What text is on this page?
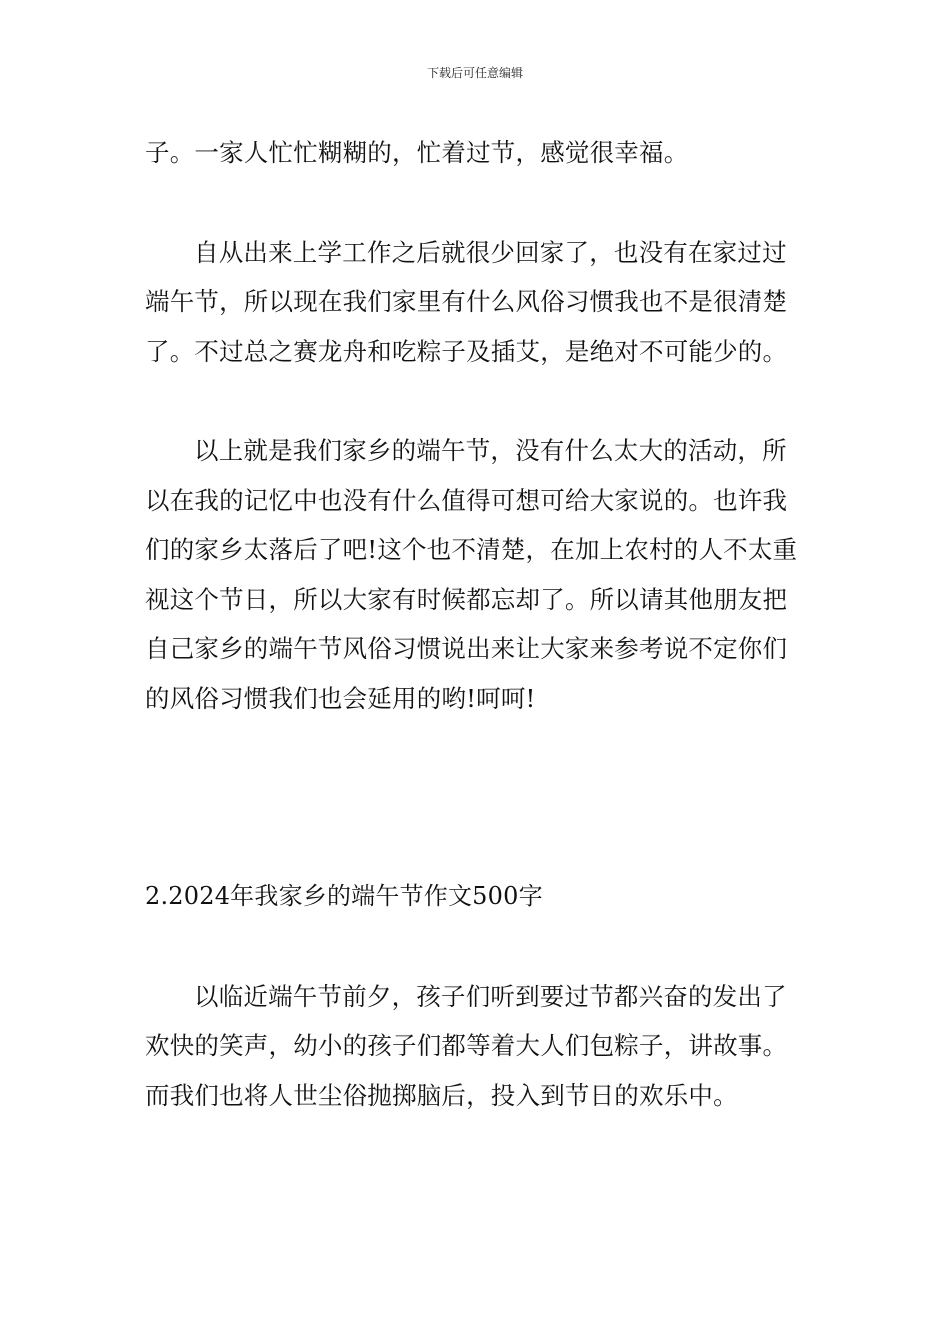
下载后可任意编辑

子。一家人忙忙糊糊的，忙着过节，感觉很幸福。

自从出来上学工作之后就很少回家了，也没有在家过过端午节，所以现在我们家里有什么风俗习惯我也不是很清楚了。不过总之赛龙舟和吃粽子及插艾，是绝对不可能少的。

以上就是我们家乡的端午节，没有什么太大的活动，所以在我的记忆中也没有什么值得可想可给大家说的。也许我们的家乡太落后了吧!这个也不清楚，在加上农村的人不太重视这个节日，所以大家有时候都忘却了。所以请其他朋友把自己家乡的端午节风俗习惯说出来让大家来参考说不定你们的风俗习惯我们也会延用的哟!呵呵!

2.2024年我家乡的端午节作文500字

以临近端午节前夕，孩子们听到要过节都兴奋的发出了欢快的笑声，幼小的孩子们都等着大人们包粽子，讲故事。而我们也将人世尘俗抛掷脑后，投入到节日的欢乐中。
